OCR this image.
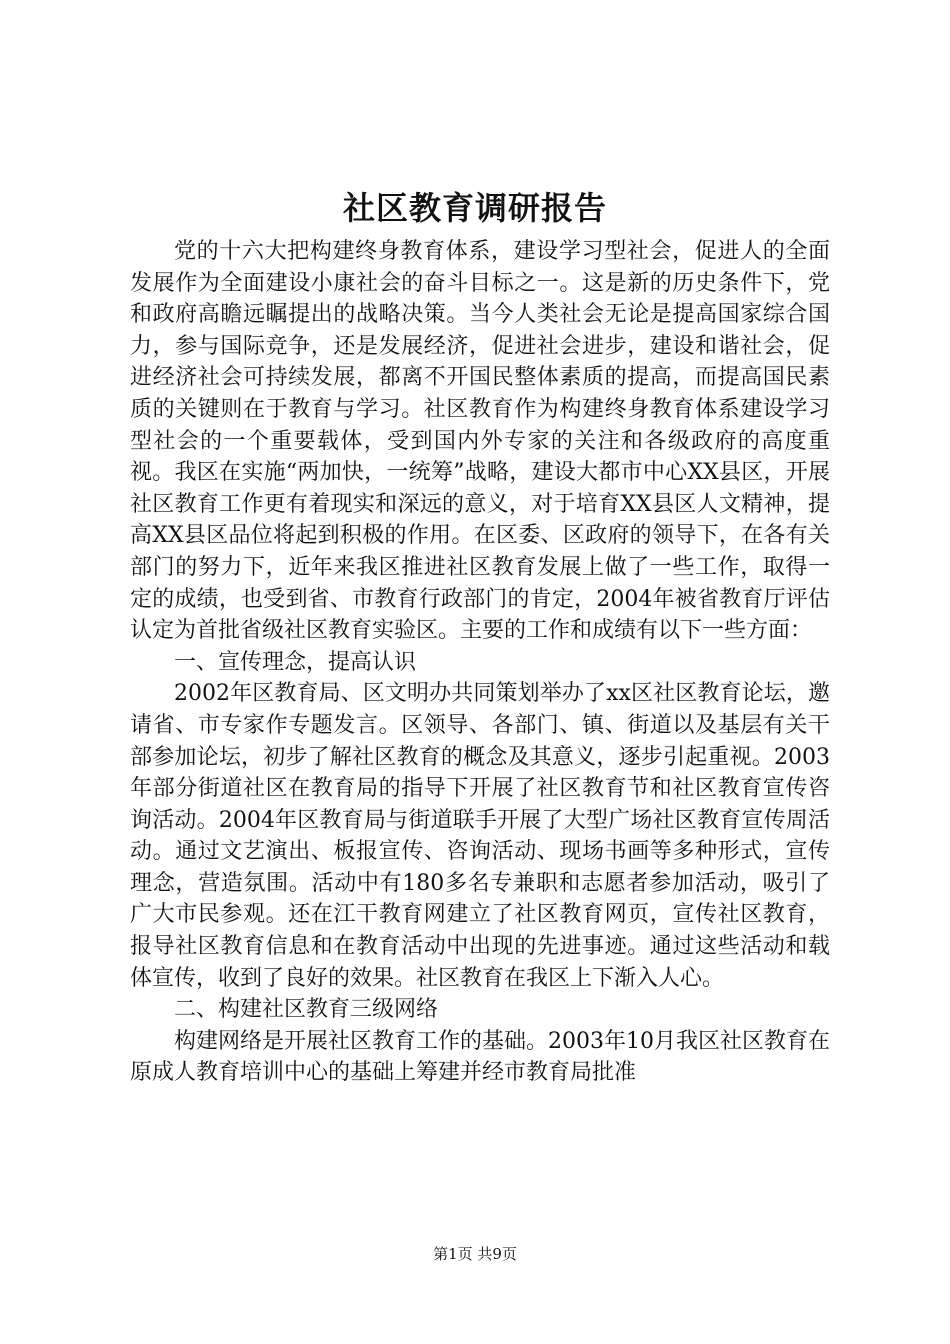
社区教育调研报告

党的十六大把构建终身教育体系，建设学习型社会，促进人的全面发展作为全面建设小康社会的奋斗目标之一。这是新的历史条件下，党和政府高瞻远瞩提出的战略决策。当今人类社会无论是提高国家综合国力，参与国际竞争，还是发展经济，促进社会进步，建设和谐社会，促进经济社会可持续发展，都离不开国民整体素质的提高，而提高国民素质的关键则在于教育与学习。社区教育作为构建终身教育体系建设学习型社会的一个重要载体，受到国内外专家的关注和各级政府的高度重视。我区在实施“两加快，一统筹”战略，建设大都市中心XX县区，开展社区教育工作更有着现实和深远的意义，对于培育XX县区人文精神，提高XX县区品位将起到积极的作用。在区委、区政府的领导下，在各有关部门的努力下，近年来我区推进社区教育发展上做了一些工作，取得一定的成绩，也受到省、市教育行政部门的肯定，2004年被省教育厅评估认定为首批省级社区教育实验区。主要的工作和成绩有以下一些方面：

一、宣传理念，提高认识

2002年区教育局、区文明办共同策划举办了xx区社区教育论坛，邀请省、市专家作专题发言。区领导、各部门、镇、街道以及基层有关干部参加论坛，初步了解社区教育的概念及其意义，逐步引起重视。2003年部分街道社区在教育局的指导下开展了社区教育节和社区教育宣传咨询活动。2004年区教育局与街道联手开展了大型广场社区教育宣传周活动。通过文艺演出、板报宣传、咨询活动、现场书画等多种形式，宣传理念，营造氛围。活动中有180多名专兼职和志愿者参加活动，吸引了广大市民参观。还在江干教育网建立了社区教育网页，宣传社区教育，报导社区教育信息和在教育活动中出现的先进事迹。通过这些活动和载体宣传，收到了良好的效果。社区教育在我区上下渐入人心。

二、构建社区教育三级网络

构建网络是开展社区教育工作的基础。2003年10月我区社区教育在原成人教育培训中心的基础上筹建并经市教育局批准

第1页 共9页
